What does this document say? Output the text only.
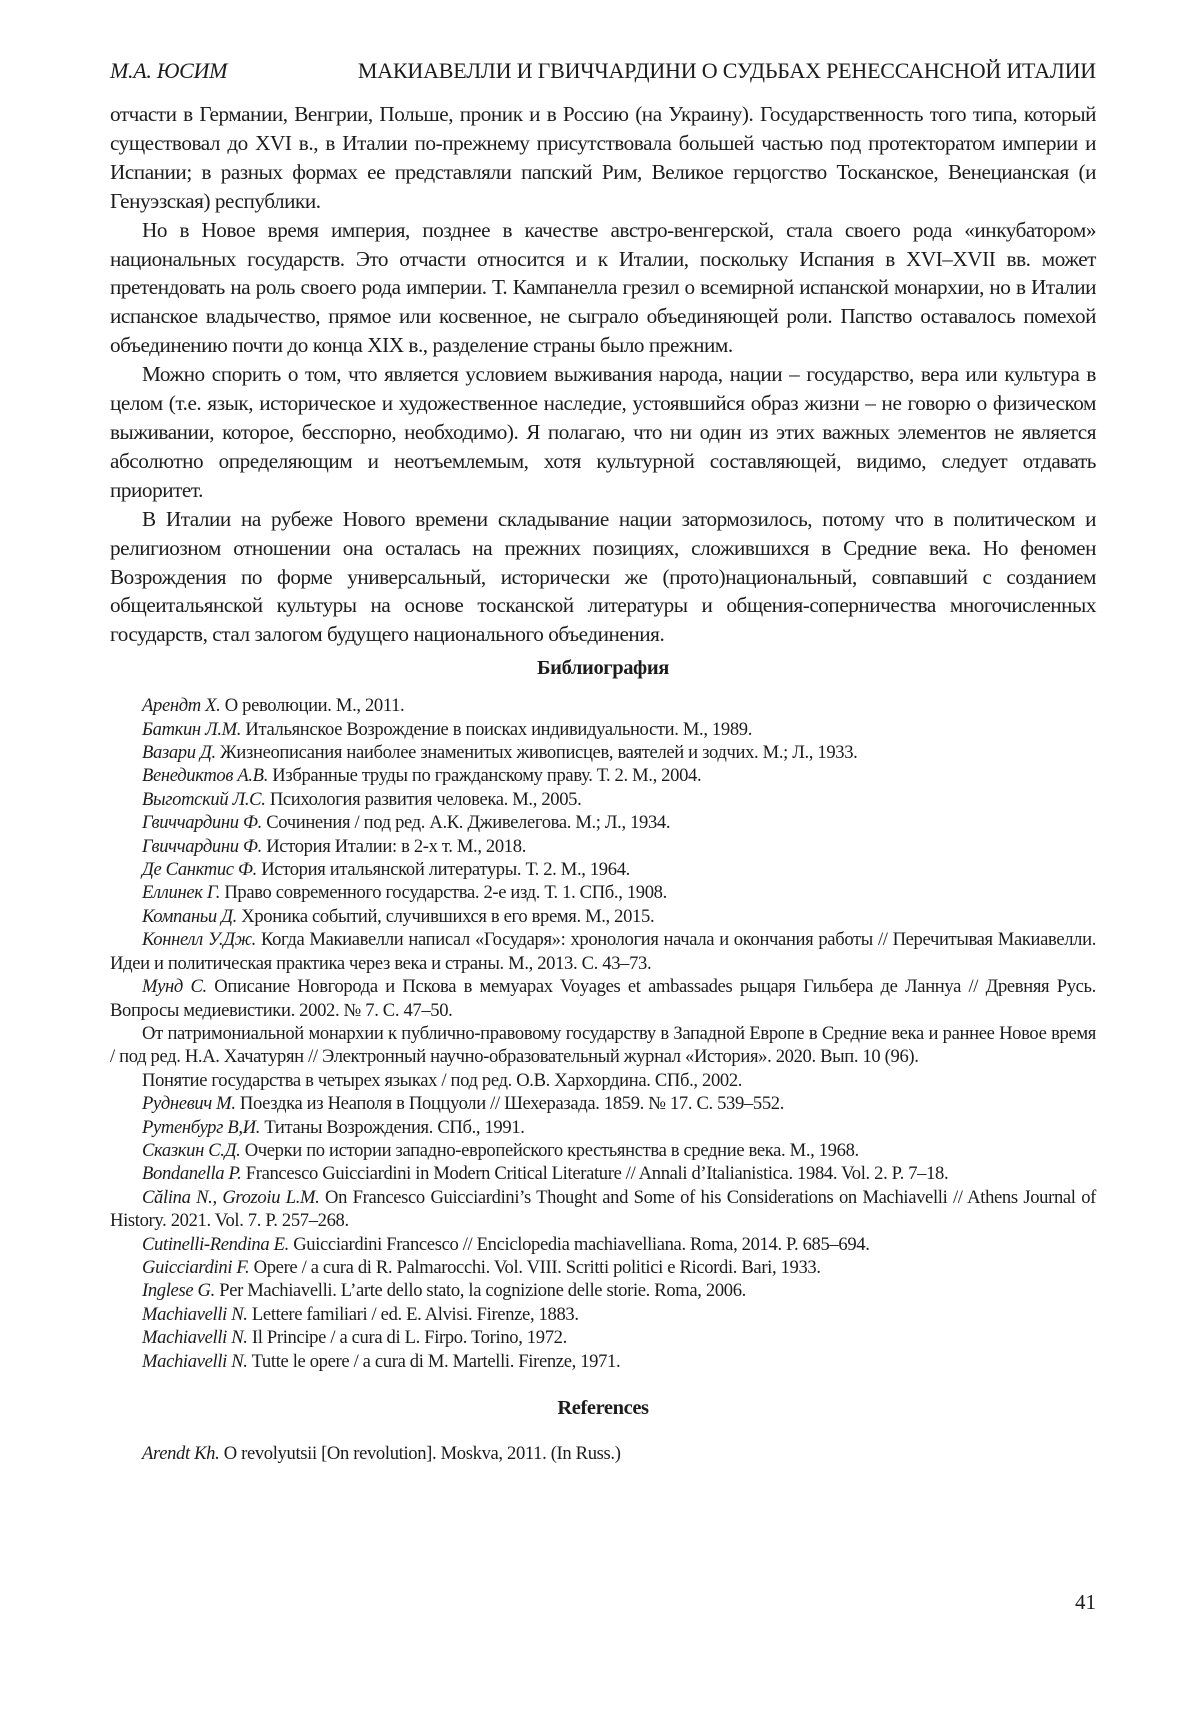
М.А. ЮСИМ	МАКИАВЕЛЛИ И ГВИЧЧАРДИНИ О СУДЬБАХ РЕНЕССАНСНОЙ ИТАЛИИ

отчасти в Германии, Венгрии, Польше, проник и в Россию (на Украину). Государственность того типа, который существовал до XVI в., в Италии по-прежнему присутствовала большей частью под протекторатом империи и Испании; в разных формах ее представляли папский Рим, Великое герцогство Тосканское, Венецианская (и Генуэзская) республики.

Но в Новое время империя, позднее в качестве австро-венгерской, стала своего рода «инкубатором» национальных государств. Это отчасти относится и к Италии, поскольку Испания в XVI–XVII вв. может претендовать на роль своего рода империи. Т. Кампанелла грезил о всемирной испанской монархии, но в Италии испанское владычество, прямое или косвенное, не сыграло объединяющей роли. Папство оставалось помехой объединению почти до конца XIX в., разделение страны было прежним.

Можно спорить о том, что является условием выживания народа, нации – государство, вера или культура в целом (т.е. язык, историческое и художественное наследие, устоявшийся образ жизни – не говорю о физическом выживании, которое, бесспорно, необходимо). Я полагаю, что ни один из этих важных элементов не является абсолютно определяющим и неотъемлемым, хотя культурной составляющей, видимо, следует отдавать приоритет.

В Италии на рубеже Нового времени складывание нации затормозилось, потому что в политическом и религиозном отношении она осталась на прежних позициях, сложившихся в Средние века. Но феномен Возрождения по форме универсальный, исторически же (прото)национальный, совпавший с созданием общеитальянской культуры на основе тосканской литературы и общения-соперничества многочисленных государств, стал залогом будущего национального объединения.

Библиография

Арендт Х. О революции. М., 2011.

Баткин Л.М. Итальянское Возрождение в поисках индивидуальности. М., 1989.

Вазари Д. Жизнеописания наиболее знаменитых живописцев, ваятелей и зодчих. М.; Л., 1933.

Венедиктов А.В. Избранные труды по гражданскому праву. Т. 2. М., 2004.

Выготский Л.С. Психология развития человека. М., 2005.

Гвиччардини Ф. Сочинения / под ред. А.К. Дживелегова. М.; Л., 1934.

Гвиччардини Ф. История Италии: в 2-х т. М., 2018.

Де Санктис Ф. История итальянской литературы. Т. 2. М., 1964.

Еллинек Г. Право современного государства. 2-е изд. Т. 1. СПб., 1908.

Компаньи Д. Хроника событий, случившихся в его время. М., 2015.

Коннелл У.Дж. Когда Макиавелли написал «Государя»: хронология начала и окончания работы // Перечитывая Макиавелли. Идеи и политическая практика через века и страны. М., 2013. С. 43–73.

Мунд С. Описание Новгорода и Пскова в мемуарах Voyages et ambassades рыцаря Гильбера де Ланнуа // Древняя Русь. Вопросы медиевистики. 2002. № 7. С. 47–50.

От патримониальной монархии к публично-правовому государству в Западной Европе в Средние века и раннее Новое время / под ред. Н.А. Хачатурян // Электронный научно-образовательный журнал «История». 2020. Вып. 10 (96).

Понятие государства в четырех языках / под ред. О.В. Хархордина. СПб., 2002.

Рудневич М. Поездка из Неаполя в Поццуоли // Шехеразада. 1859. № 17. С. 539–552.

Рутенбург В,И. Титаны Возрождения. СПб., 1991.

Сказкин С.Д. Очерки по истории западно-европейского крестьянства в средние века. М., 1968.

Bondanella P. Francesco Guicciardini in Modern Critical Literature // Annali d’Italianistica. 1984. Vol. 2. P. 7–18.

Călina N., Grozoiu L.M. On Francesco Guicciardini’s Thought and Some of his Considerations on Machiavelli // Athens Journal of History. 2021. Vol. 7. P. 257–268.

Cutinelli-Rendina E. Guicciardini Francesco // Enciclopedia machiavelliana. Roma, 2014. P. 685–694.

Guicciardini F. Opere / a cura di R. Palmarocchi. Vol. VIII. Scritti politici e Ricordi. Bari, 1933.

Inglese G. Per Machiavelli. L’arte dello stato, la cognizione delle storie. Roma, 2006.

Machiavelli N. Lettere familiari / ed. E. Alvisi. Firenze, 1883.

Machiavelli N. Il Principe / a cura di L. Firpo. Torino, 1972.

Machiavelli N. Tutte le opere / a cura di M. Martelli. Firenze, 1971.

References

Arendt Kh. O revolyutsii [On revolution]. Moskva, 2011. (In Russ.)

41
